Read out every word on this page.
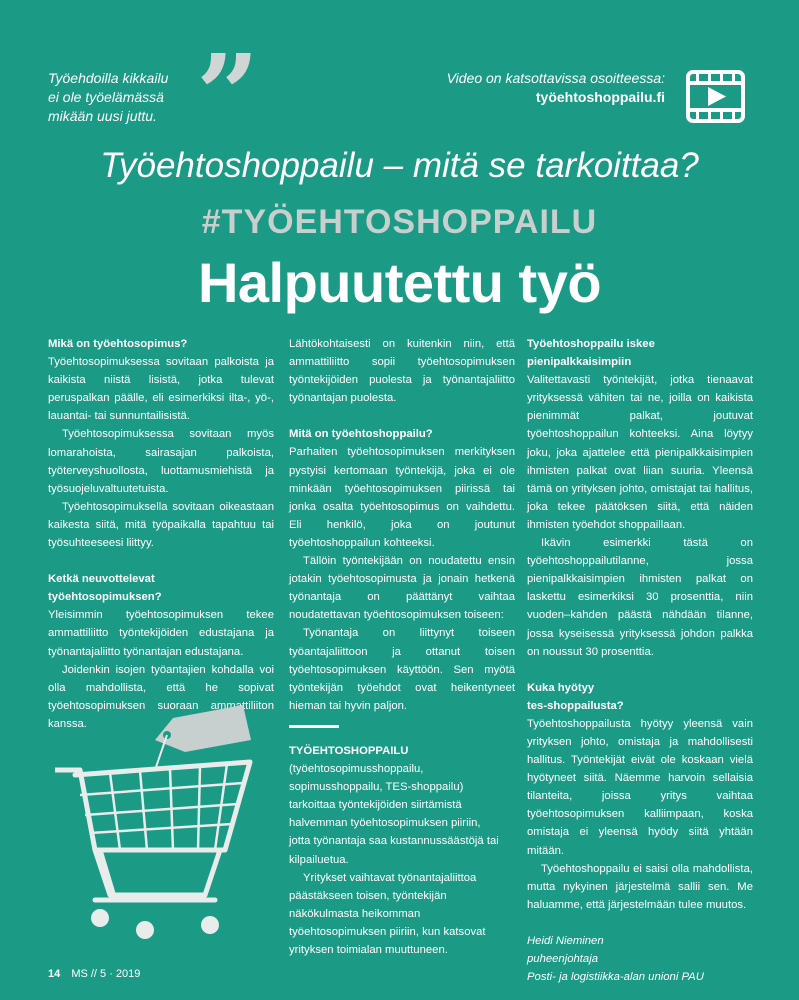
Työehdoilla kikkailu
ei ole työelämässä
mikään uusi juttu. ”	Video on katsottavissa osoitteessa:
työehtoshoppailu.fi
Työehtoshoppailu – mitä se tarkoittaa?
#TYÖEHTOSHOPPAILU
Halpuutettu työ
Mikä on työehtosopimus?

Työehtosopimuksessa sovitaan palkoista ja kaikista niistä lisistä, jotka tulevat peruspalkan päälle, eli esimerkiksi ilta-, yö-, lauantai- tai sunnuntailisistä.

Työehtosopimuksessa sovitaan myös lomarahoista, sairasajan palkoista, työterveyshuollosta, luottamusmiehistä ja työsuojeluvaltuutetuista.

Työehtosopimuksella sovitaan oikeastaan kaikesta siitä, mitä työpaikalla tapahtuu tai työsuhteeseesi liittyy.

Ketkä neuvottelevat
työehtosopimuksen?

Yleisimmin työehtosopimuksen tekee ammattiliitto työntekijöiden edustajana ja työnantajaliitto työnantajan edustajana.

Joidenkin isojen työantajien kohdalla voi olla mahdollista, että he sopivat työehtosopimuksen suoraan ammattiliiton kanssa.

Lähtökohtaisesti on kuitenkin niin, että ammattiliitto sopii työehtosopimuksen työntekijöiden puolesta ja työnantajaliitto työnantajan puolesta.

Mitä on työehtoshoppailu?

Parhaiten työehtosopimuksen merkityksen pystyisi kertomaan työntekijä, joka ei ole minkään työehtosopimuksen piirissä tai jonka osalta työehtosopimus on vaihdettu. Eli henkilö, joka on joutunut työehtoshoppailun kohteeksi.

Tällöin työntekijään on noudatettu ensin jotakin työehtosopimusta ja jonain hetkenä työnantaja on päättänyt vaihtaa noudatettavan työehtosopimuksen toiseen:

Työnantaja on liittynyt toiseen työantajaliittoon ja ottanut toisen työehtosopimuksen käyttöön. Sen myötä työntekijän työehdot ovat heikentyneet hieman tai hyvin paljon.

TYÖEHTOSHOPPAILU (työehtosopimusshoppailu, sopimusshoppailu, TES-shoppailu) tarkoittaa työntekijöiden siirtämistä halvemman työehtosopimuksen piiriin, jotta työnantaja saa kustannussäästöjä tai kilpailuetua.

Yritykset vaihtavat työnantajaliittoa päästäkseen toisen, työntekijän näkökulmasta heikomman työehtosopimuksen piiriin, kun katsovat yrityksen toimialan muuttuneen.

Työehtoshoppailu iskee
pienipalkkaisimpiin

Valitettavasti työntekijät, jotka tienaavat yrityksessä vähiten tai ne, joilla on kaikista pienimmät palkat, joutuvat työehtoshoppailun kohteeksi. Aina löytyy joku, joka ajattelee että pienipalkkaisimpien ihmisten palkat ovat liian suuria. Yleensä tämä on yrityksen johto, omistajat tai hallitus, joka tekee päätöksen siitä, että näiden ihmisten työehdot shoppaillaan.

Ikävin esimerkki tästä on työehtoshoppailutilanne, jossa pienipalkkaisimpien ihmisten palkat on laskettu esimerkiksi 30 prosenttia, niin vuoden–kahden päästä nähdään tilanne, jossa kyseisessä yrityksessä johdon palkka on noussut 30 prosenttia.

Kuka hyötyy
tes-shoppailusta?

Työehtoshoppailusta hyötyy yleensä vain yrityksen johto, omistaja ja mahdollisesti hallitus. Työntekijät eivät ole koskaan vielä hyötyneet siitä. Näemme harvoin sellaisia tilanteita, joissa yritys vaihtaa työehtosopimuksen kalliimpaan, koska omistaja ei yleensä hyödy siitä yhtään mitään.

Työehtoshoppailu ei saisi olla mahdollista, mutta nykyinen järjestelmä sallii sen. Me haluamme, että järjestelmään tulee muutos.

Heidi Nieminen

puheenjohtaja

Posti- ja logistiikka-alan unioni PAU

14 MS // 5 · 2019
